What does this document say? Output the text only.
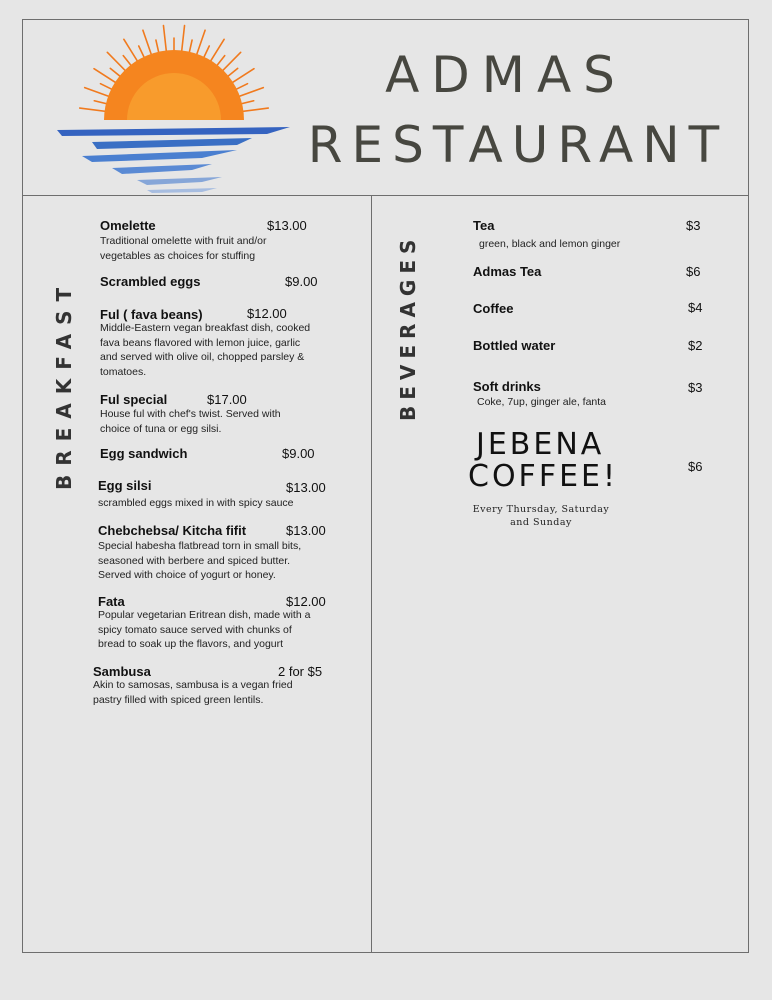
ADMAS
RESTAURANT
BREAKFAST	BEVERAGES
Omelette	$13.00
Traditional omelette with fruit and/or vegetables as choices for stuffing
Scrambled eggs	$9.00
Ful ( fava beans)	$12.00
Middle-Eastern vegan breakfast dish, cooked fava beans flavored with lemon juice, garlic and served with olive oil, chopped parsley & tomatoes.
Ful special	$17.00
House ful with chef's twist. Served with choice of tuna or egg silsi.
Egg sandwich	$9.00
Egg silsi	$13.00
scrambled eggs mixed in with spicy sauce
Chebchebsa/ Kitcha fifit	$13.00
Special habesha flatbread torn in small bits, seasoned with berbere and spiced butter. Served with choice of yogurt or honey.
Fata	$12.00
Popular vegetarian Eritrean dish, made with a spicy tomato sauce served with chunks of bread to soak up the flavors, and yogurt
Sambusa	2 for $5
Akin to samosas, sambusa is a vegan fried pastry filled with spiced green lentils.
Tea	$3
green, black and lemon ginger
Admas Tea	$6
Coffee	$4
Bottled water	$2
Soft drinks	$3
Coke, 7up, ginger ale, fanta
JEBENA
COFFEE!	$6
Every Thursday, Saturday and Sunday
